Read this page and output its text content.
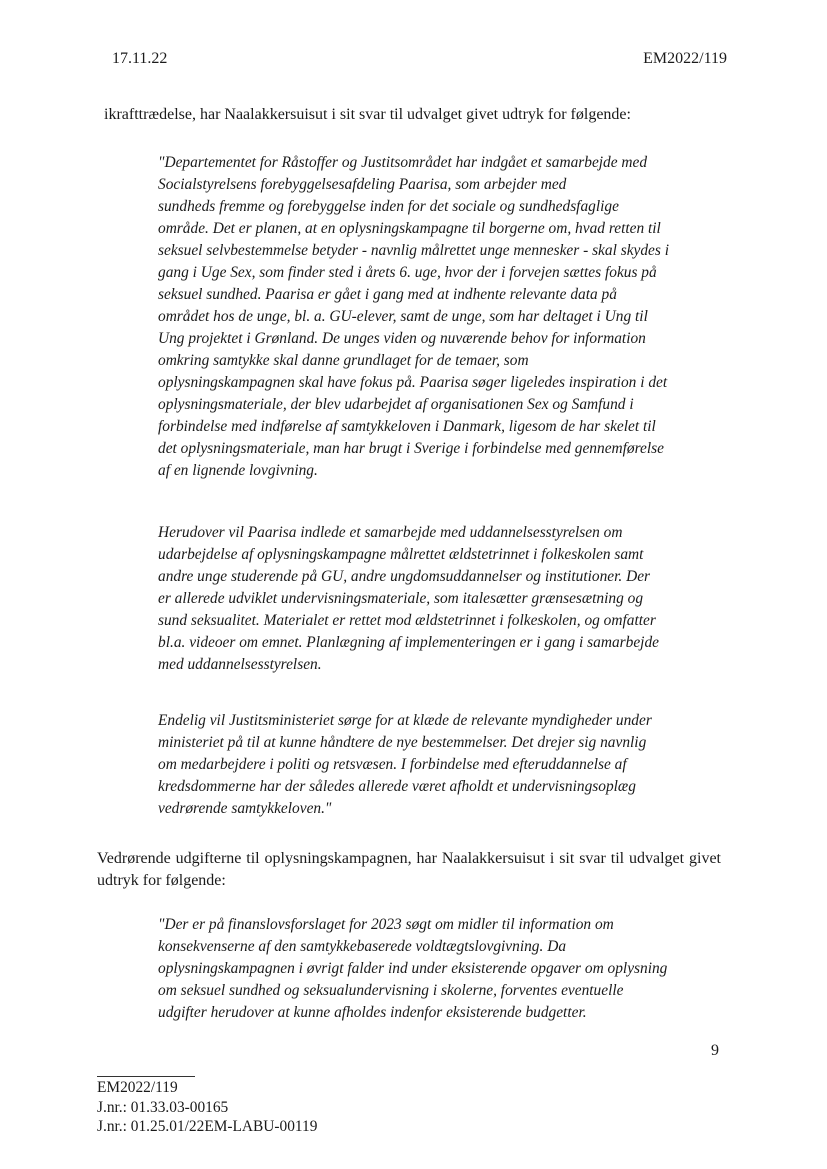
17.11.22	EM2022/119
ikrafttrædelse, har Naalakkersuisut i sit svar til udvalget givet udtryk for følgende:

"Departementet for Råstoffer og Justitsområdet har indgået et samarbejde med

Socialstyrelsens forebyggelsesafdeling Paarisa, som arbejder med

sundheds fremme og forebyggelse inden for det sociale og sundhedsfaglige

område. Det er planen, at en oplysningskampagne til borgerne om, hvad retten til

seksuel selvbestemmelse betyder - navnlig målrettet unge mennesker - skal skydes i

gang i Uge Sex, som finder sted i årets 6. uge, hvor der i forvejen sættes fokus på

seksuel sundhed. Paarisa er gået i gang med at indhente relevante data på

området hos de unge, bl. a. GU-elever, samt de unge, som har deltaget i Ung til

Ung projektet i Grønland. De unges viden og nuværende behov for information

omkring samtykke skal danne grundlaget for de temaer, som

oplysningskampagnen skal have fokus på. Paarisa søger ligeledes inspiration i det

oplysningsmateriale, der blev udarbejdet af organisationen Sex og Samfund i

forbindelse med indførelse af samtykkeloven i Danmark, ligesom de har skelet til

det oplysningsmateriale, man har brugt i Sverige i forbindelse med gennemførelse

af en lignende lovgivning.

Herudover vil Paarisa indlede et samarbejde med uddannelsesstyrelsen om

udarbejdelse af oplysningskampagne målrettet ældstetrinnet i folkeskolen samt

andre unge studerende på GU, andre ungdomsuddannelser og institutioner. Der

er allerede udviklet undervisningsmateriale, som italesætter grænsesætning og

sund seksualitet. Materialet er rettet mod ældstetrinnet i folkeskolen, og omfatter

bl.a. videoer om emnet. Planlægning af implementeringen er i gang i samarbejde

med uddannelsesstyrelsen.

Endelig vil Justitsministeriet sørge for at klæde de relevante myndigheder under

ministeriet på til at kunne håndtere de nye bestemmelser. Det drejer sig navnlig

om medarbejdere i politi og retsvæsen. I forbindelse med efteruddannelse af

kredsdommerne har der således allerede været afholdt et undervisningsoplæg

vedrørende samtykkeloven."

Vedrørende udgifterne til oplysningskampagnen, har Naalakkersuisut i sit svar til udvalget givet udtryk for følgende:

"Der er på finanslovsforslaget for 2023 søgt om midler til information om

konsekvenserne af den samtykkebaserede voldtægtslovgivning. Da

oplysningskampagnen i øvrigt falder ind under eksisterende opgaver om oplysning

om seksuel sundhed og seksualundervisning i skolerne, forventes eventuelle

udgifter herudover at kunne afholdes indenfor eksisterende budgetter.

9
EM2022/119
J.nr.: 01.33.03-00165
J.nr.: 01.25.01/22EM-LABU-00119
